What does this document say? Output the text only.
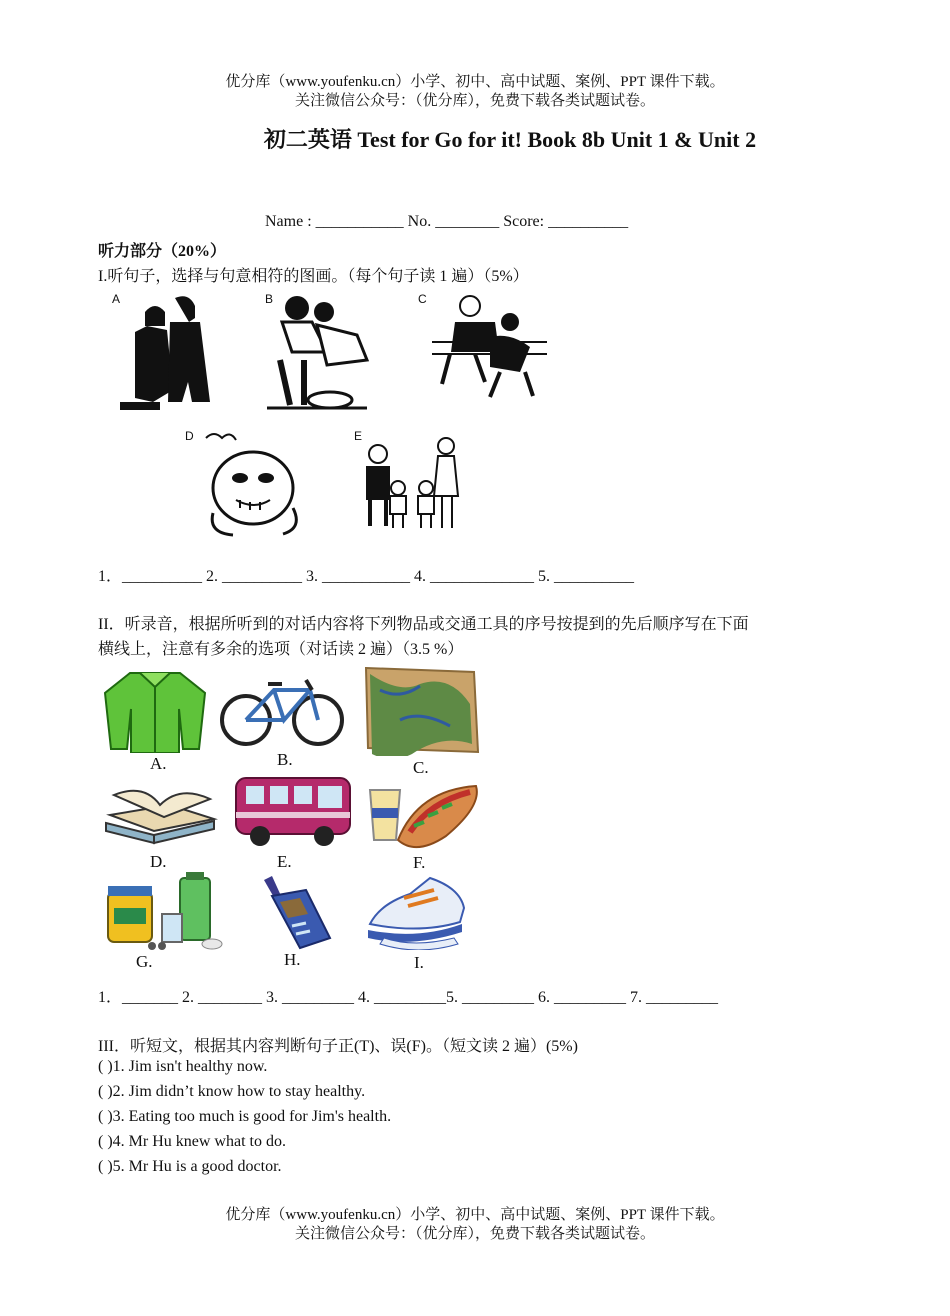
优分库（www.youfenku.cn）小学、初中、高中试题、案例、PPT 课件下载。
关注微信公众号：（优分库），免费下载各类试题试卷。
初二英语 Test for Go for it! Book 8b Unit 1 & Unit 2
Name : ___________ No. ________ Score: __________
听力部分（20%）
I.听句子，选择与句意相符的图画。（每个句子读 1 遍）（5%）
A	B	C
D	E
1．__________ 2. __________ 3. ___________ 4. _____________ 5. __________
II．听录音，根据所听到的对话内容将下列物品或交通工具的序号按提到的先后顺序写在下面
横线上，注意有多余的选项（对话读 2 遍）（3.5 %）
A.	B.	C.
D.	E.	F.
G.	H.	I.
1．_______ 2. ________ 3. _________ 4. _________5. _________ 6. _________ 7. _________
III．听短文，根据其内容判断句子正(T)、误(F)。（短文读 2 遍）(5%)
( )1. Jim isn't healthy now.
( )2. Jim didn’t know how to stay healthy.
( )3. Eating too much is good for Jim's health.
( )4. Mr Hu knew what to do.
( )5. Mr Hu is a good doctor.
优分库（www.youfenku.cn）小学、初中、高中试题、案例、PPT 课件下载。
关注微信公众号：（优分库），免费下载各类试题试卷。
